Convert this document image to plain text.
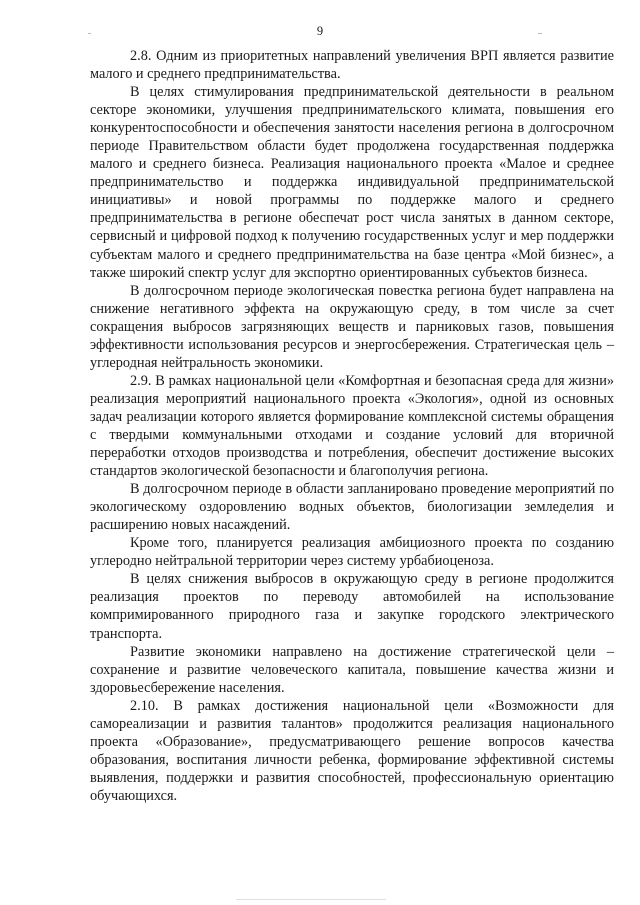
9

2.8. Одним из приоритетных направлений увеличения ВРП является развитие малого и среднего предпринимательства.

В целях стимулирования предпринимательской деятельности в реальном секторе экономики, улучшения предпринимательского климата, повышения его конкурентоспособности и обеспечения занятости населения региона в долгосрочном периоде Правительством области будет продолжена государственная поддержка малого и среднего бизнеса. Реализация национального проекта «Малое и среднее предпринимательство и поддержка индивидуальной предпринимательской инициативы» и новой программы по поддержке малого и среднего предпринимательства в регионе обеспечат рост числа занятых в данном секторе, сервисный и цифровой подход к получению государственных услуг и мер поддержки субъектам малого и среднего предпринимательства на базе центра «Мой бизнес», а также широкий спектр услуг для экспортно ориентированных субъектов бизнеса.

В долгосрочном периоде экологическая повестка региона будет направлена на снижение негативного эффекта на окружающую среду, в том числе за счет сокращения выбросов загрязняющих веществ и парниковых газов, повышения эффективности использования ресурсов и энергосбережения. Стратегическая цель – углеродная нейтральность экономики.

2.9. В рамках национальной цели «Комфортная и безопасная среда для жизни» реализация мероприятий национального проекта «Экология», одной из основных задач реализации которого является формирование комплексной системы обращения с твердыми коммунальными отходами и создание условий для вторичной переработки отходов производства и потребления, обеспечит достижение высоких стандартов экологической безопасности и благополучия региона.

В долгосрочном периоде в области запланировано проведение мероприятий по экологическому оздоровлению водных объектов, биологизации земледелия и расширению новых насаждений.

Кроме того, планируется реализация амбициозного проекта по созданию углеродно нейтральной территории через систему урбабиоценоза.

В целях снижения выбросов в окружающую среду в регионе продолжится реализация проектов по переводу автомобилей на использование компримированного природного газа и закупке городского электрического транспорта.

Развитие экономики направлено на достижение стратегической цели – сохранение и развитие человеческого капитала, повышение качества жизни и здоровьесбережение населения.

2.10. В рамках достижения национальной цели «Возможности для самореализации и развития талантов» продолжится реализация национального проекта «Образование», предусматривающего решение вопросов качества образования, воспитания личности ребенка, формирование эффективной системы выявления, поддержки и развития способностей, профессиональную ориентацию обучающихся.
